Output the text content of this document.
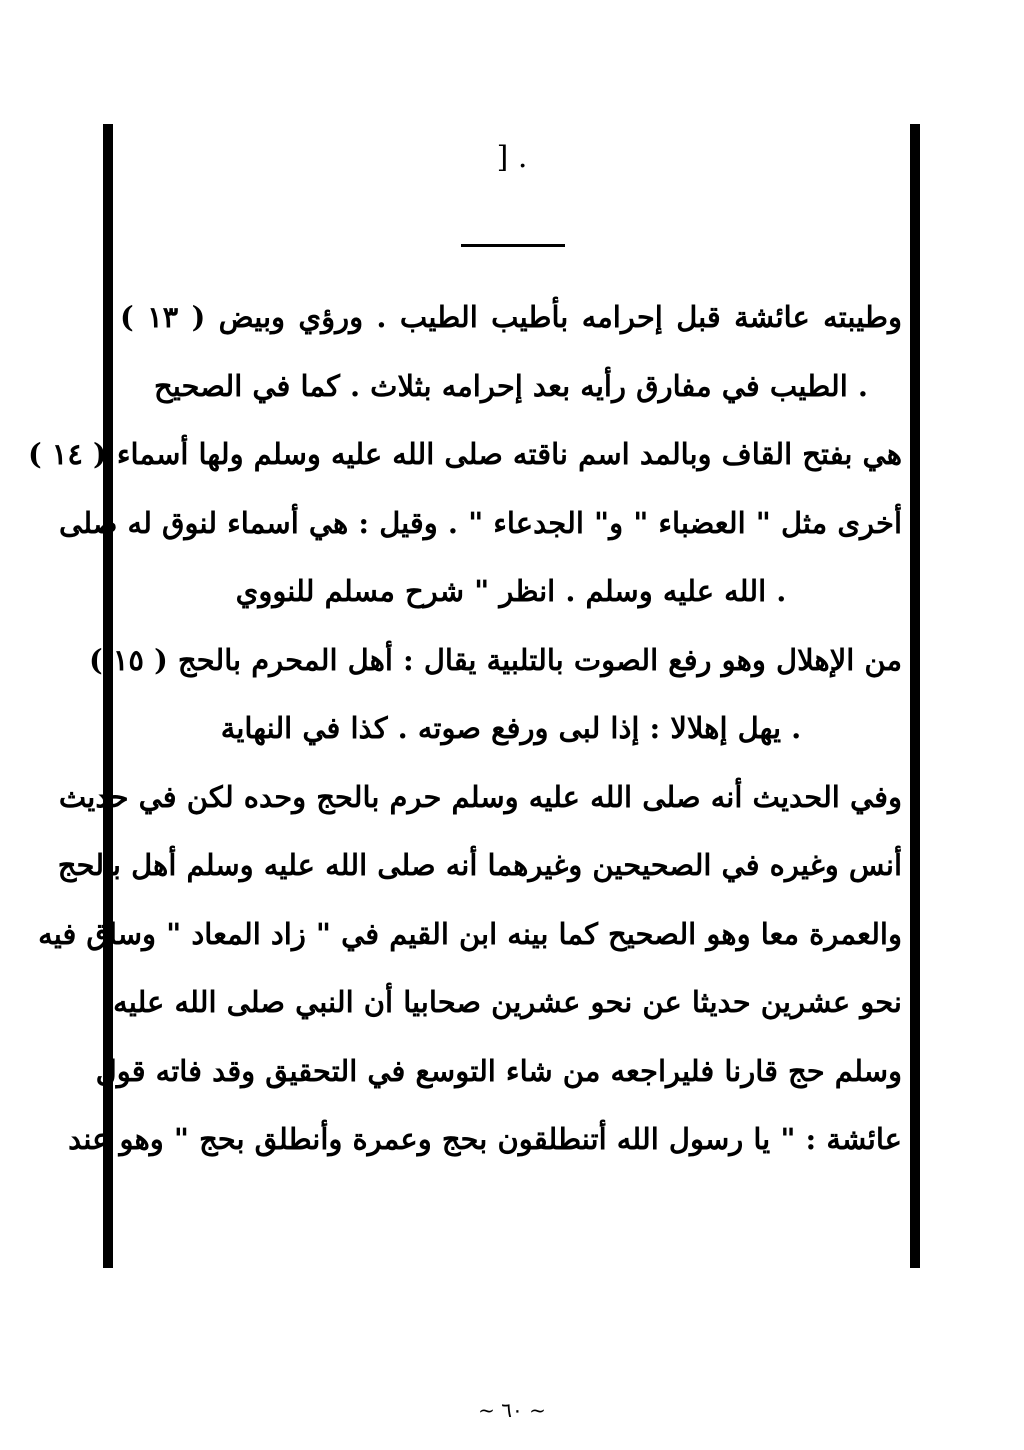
] .
وطيبته عائشة قبل إحرامه بأطيب الطيب . ورؤي وبيض ( ١٣ )
. الطيب في مفارق رأيه بعد إحرامه بثلاث . كما في الصحيح
هي بفتح القاف وبالمد اسم ناقته صلى الله عليه وسلم ولها أسماء ( ١٤ )
أخرى مثل " العضباء " و" الجدعاء " . وقيل : هي أسماء لنوق له صلى
. الله عليه وسلم . انظر " شرح مسلم للنووي
من الإهلال وهو رفع الصوت بالتلبية يقال : أهل المحرم بالحج ( ١٥ )
. يهل إهلالا : إذا لبى ورفع صوته . كذا في النهاية
وفي الحديث أنه صلى الله عليه وسلم حرم بالحج وحده لكن في حديث
أنس وغيره في الصحيحين وغيرهما أنه صلى الله عليه وسلم أهل بالحج
والعمرة معا وهو الصحيح كما بينه ابن القيم في " زاد المعاد " وساق فيه
نحو عشرين حديثا عن نحو عشرين صحابيا أن النبي صلى الله عليه
وسلم حج قارنا فليراجعه من شاء التوسع في التحقيق وقد فاته قول
عائشة : " يا رسول الله أتنطلقون بحج وعمرة وأنطلق بحج " وهو عند
~ ٦٠ ~
